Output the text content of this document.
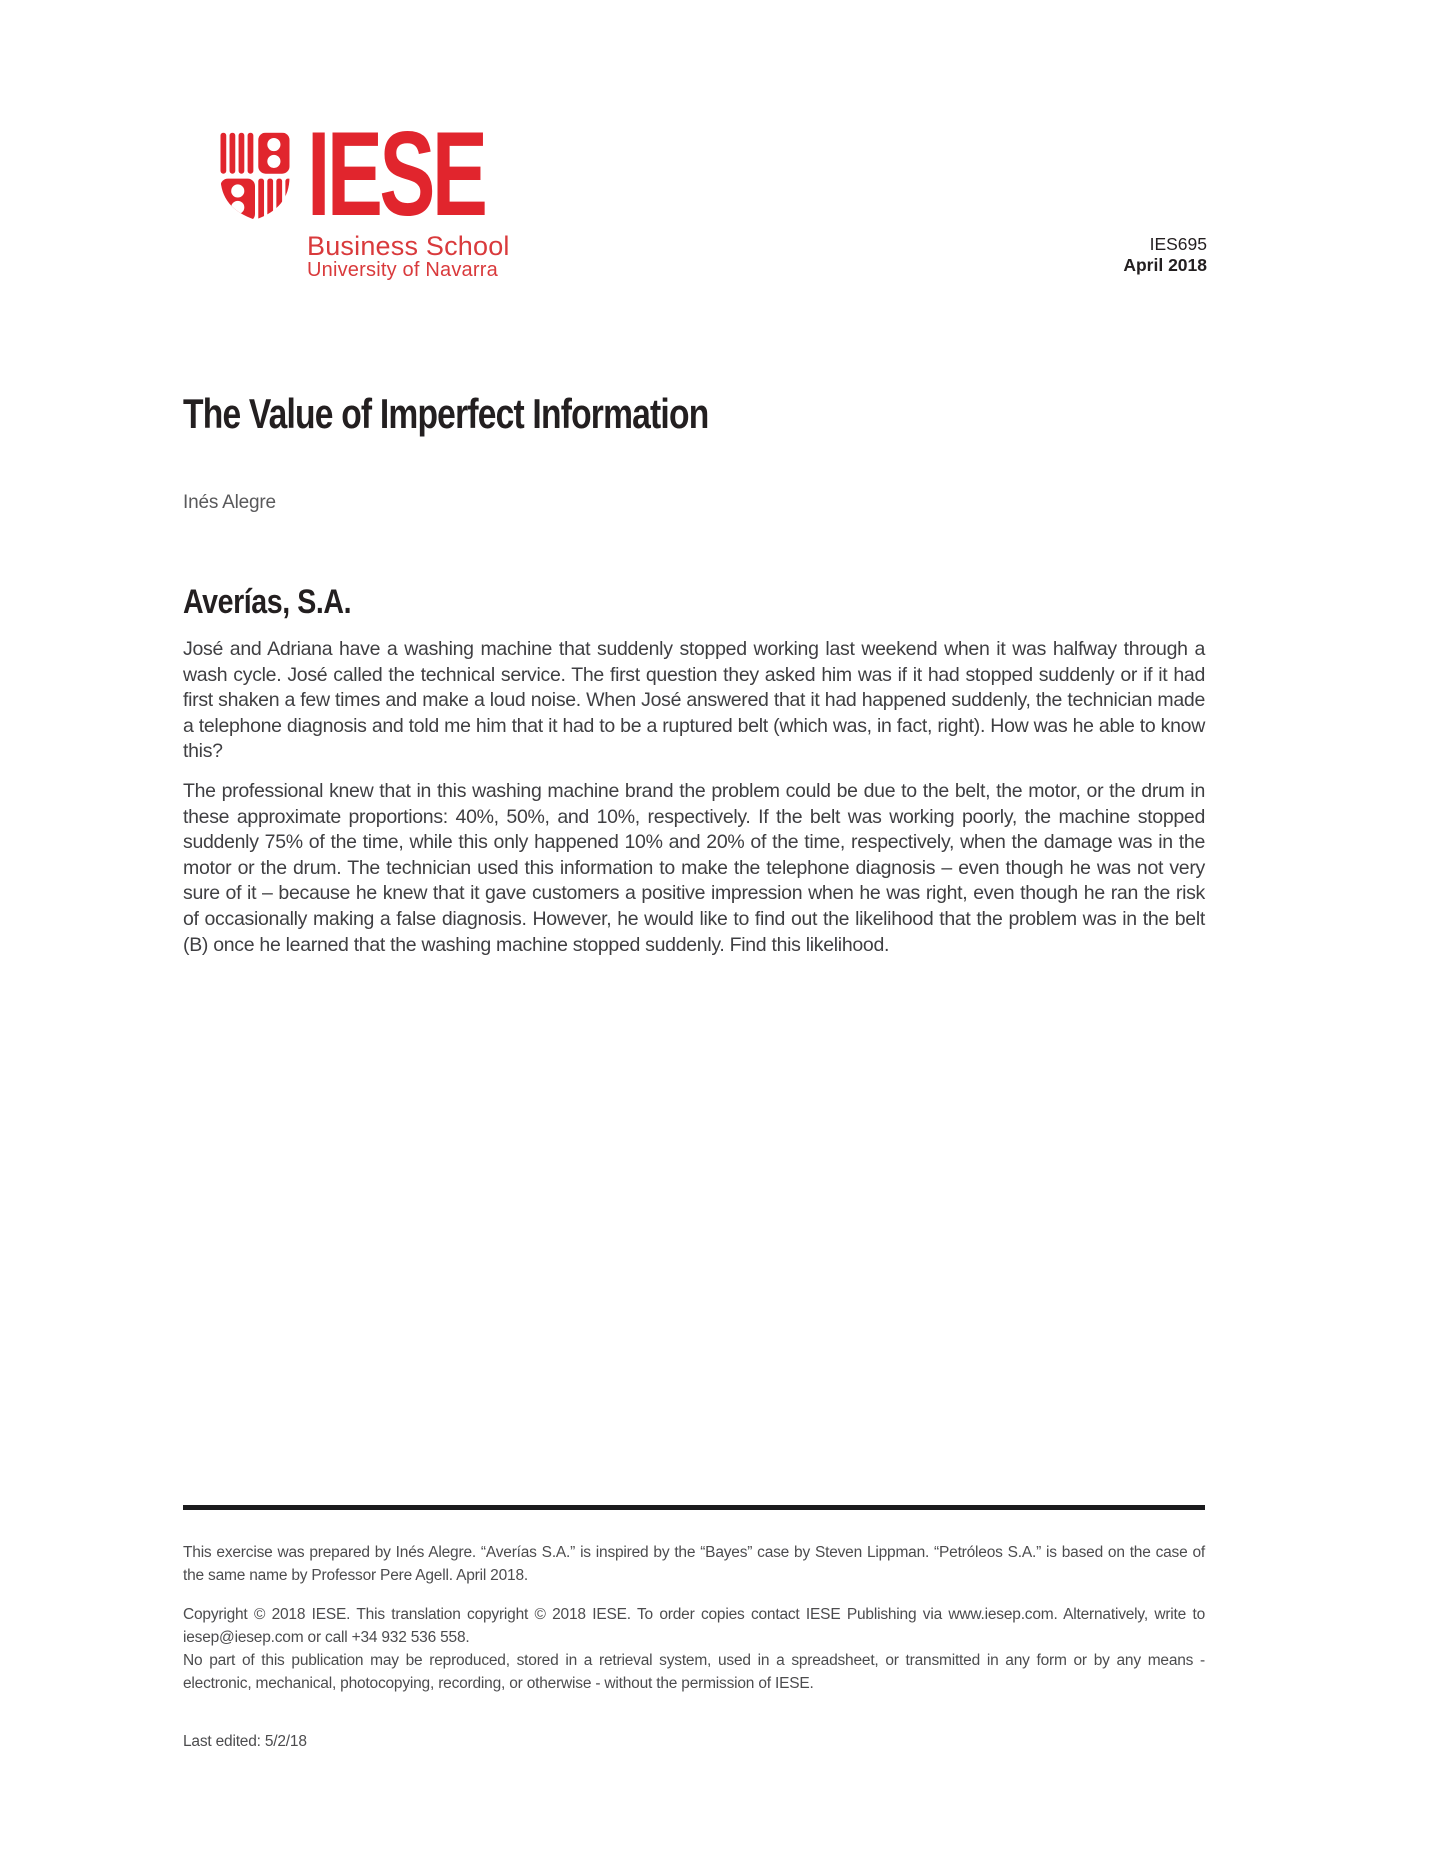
IESE
Business School
University of Navarra
IES695
April 2018
The Value of Imperfect Information
Inés Alegre
Averías, S.A.

José and Adriana have a washing machine that suddenly stopped working last weekend when it was halfway through a wash cycle. José called the technical service. The first question they asked him was if it had stopped suddenly or if it had first shaken a few times and make a loud noise. When José answered that it had happened suddenly, the technician made a telephone diagnosis and told me him that it had to be a ruptured belt (which was, in fact, right). How was he able to know this?

The professional knew that in this washing machine brand the problem could be due to the belt, the motor, or the drum in these approximate proportions: 40%, 50%, and 10%, respectively. If the belt was working poorly, the machine stopped suddenly 75% of the time, while this only happened 10% and 20% of the time, respectively, when the damage was in the motor or the drum. The technician used this information to make the telephone diagnosis – even though he was not very sure of it – because he knew that it gave customers a positive impression when he was right, even though he ran the risk of occasionally making a false diagnosis. However, he would like to find out the likelihood that the problem was in the belt (B) once he learned that the washing machine stopped suddenly. Find this likelihood.

This exercise was prepared by Inés Alegre. “Averías S.A.” is inspired by the “Bayes” case by Steven Lippman. “Petróleos S.A.” is based on the case of the same name by Professor Pere Agell. April 2018.

Copyright © 2018 IESE. This translation copyright © 2018 IESE. To order copies contact IESE Publishing via www.iesep.com. Alternatively, write to iesep@iesep.com or call +34 932 536 558.

No part of this publication may be reproduced, stored in a retrieval system, used in a spreadsheet, or transmitted in any form or by any means - electronic, mechanical, photocopying, recording, or otherwise - without the permission of IESE.

Last edited: 5/2/18
